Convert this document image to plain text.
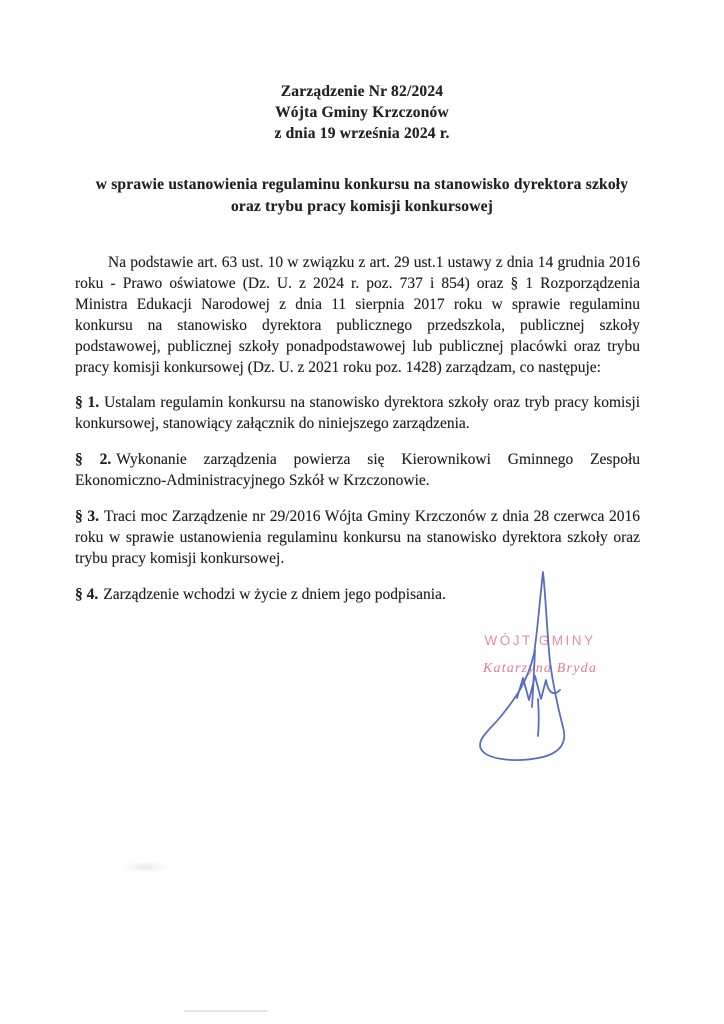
Zarządzenie Nr 82/2024
Wójta Gminy Krzczonów
z dnia 19 września 2024 r.
w sprawie ustanowienia regulaminu konkursu na stanowisko dyrektora szkoły
oraz trybu pracy komisji konkursowej

Na podstawie art. 63 ust. 10 w związku z art. 29 ust.1 ustawy z dnia 14 grudnia 2016 roku - Prawo oświatowe (Dz. U. z 2024 r. poz. 737 i 854) oraz § 1 Rozporządzenia Ministra Edukacji Narodowej z dnia 11 sierpnia 2017 roku w sprawie regulaminu konkursu na stanowisko dyrektora publicznego przedszkola, publicznej szkoły podstawowej, publicznej szkoły ponadpodstawowej lub publicznej placówki oraz trybu pracy komisji konkursowej (Dz. U. z 2021 roku poz. 1428) zarządzam, co następuje:

§ 1. Ustalam regulamin konkursu na stanowisko dyrektora szkoły oraz tryb pracy komisji konkursowej, stanowiący załącznik do niniejszego zarządzenia.

§ 2. Wykonanie zarządzenia powierza się Kierownikowi Gminnego Zespołu Ekonomiczno-Administracyjnego Szkół w Krzczonowie.

§ 3. Traci moc Zarządzenie nr 29/2016 Wójta Gminy Krzczonów z dnia 28 czerwca 2016 roku w sprawie ustanowienia regulaminu konkursu na stanowisko dyrektora szkoły oraz trybu pracy komisji konkursowej.

§ 4. Zarządzenie wchodzi w życie z dniem jego podpisania.

WÓJT GMINY
Katarzyna Bryda
